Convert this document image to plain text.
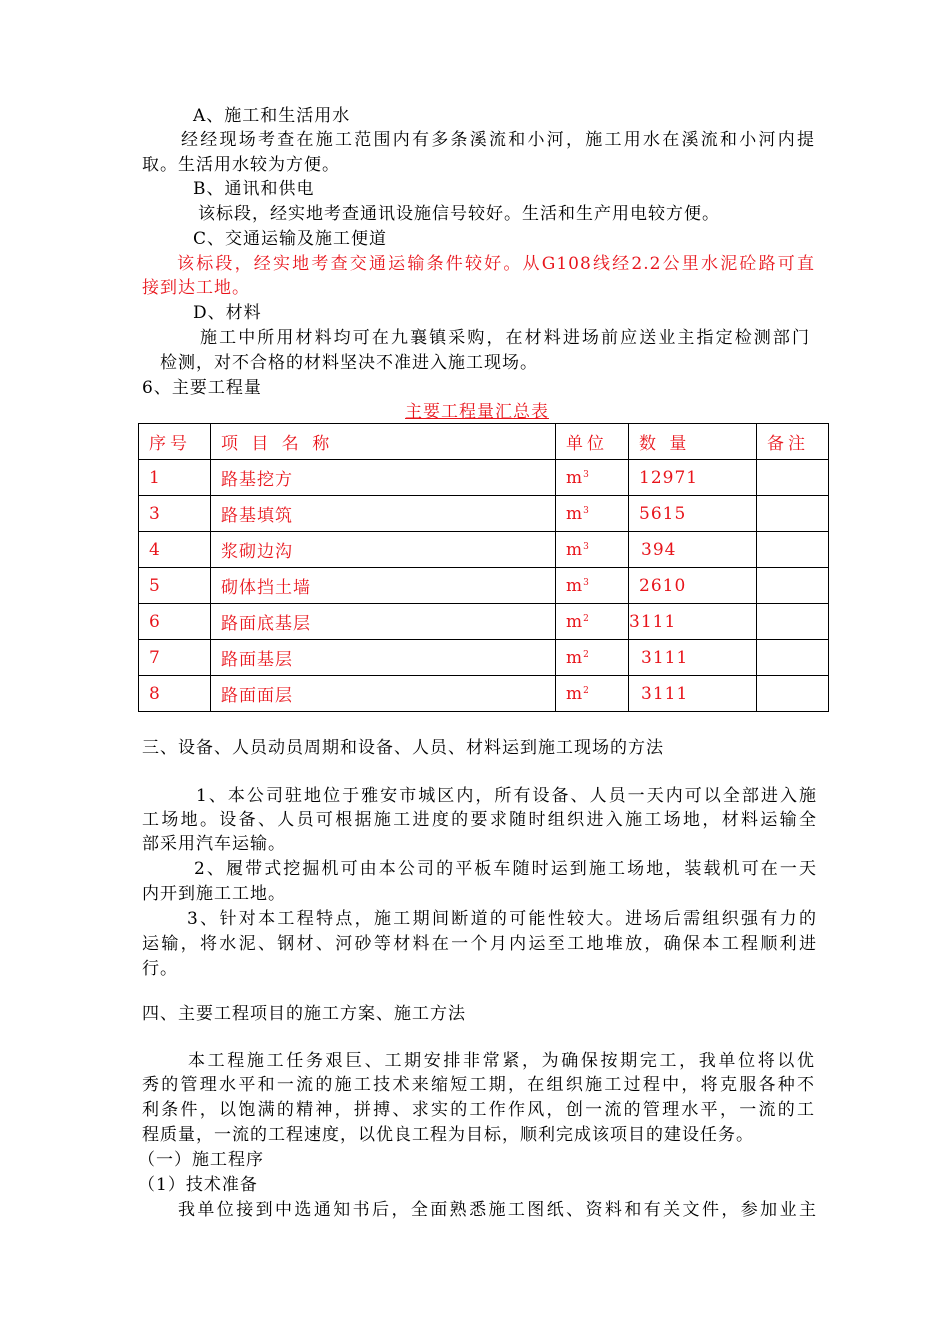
A、施工和生活用水
经经现场考查在施工范围内有多条溪流和小河，施工用水在溪流和小河内提
取。生活用水较为方便。
B、通讯和供电
该标段，经实地考查通讯设施信号较好。生活和生产用电较方便。
C、交通运输及施工便道
该标段，经实地考查交通运输条件较好。从G108线经2.2公里水泥砼路可直
接到达工地。
D、材料
施工中所用材料均可在九襄镇采购，在材料进场前应送业主指定检测部门
检测，对不合格的材料坚决不准进入施工现场。
6、主要工程量
主要工程量汇总表
序号	项 目 名 称	单位	数 量	备注
1	路基挖方	$m^3$	12971	
3	路基填筑	$m^3$	5615	
4	浆砌边沟	$m^3$	394	
5	砌体挡土墙	$m^3$	2610	
6	路面底基层	$m^2$	3111	
7	路面基层	$m^2$	3111	
8	路面面层	$m^2$	3111	
三、设备、人员动员周期和设备、人员、材料运到施工现场的方法
1、本公司驻地位于雅安市城区内，所有设备、人员一天内可以全部进入施
工场地。设备、人员可根据施工进度的要求随时组织进入施工场地，材料运输全
部采用汽车运输。
2、履带式挖掘机可由本公司的平板车随时运到施工场地，装载机可在一天
内开到施工工地。
3、针对本工程特点，施工期间断道的可能性较大。进场后需组织强有力的
运输，将水泥、钢材、河砂等材料在一个月内运至工地堆放，确保本工程顺利进
行。
四、主要工程项目的施工方案、施工方法
本工程施工任务艰巨、工期安排非常紧，为确保按期完工，我单位将以优
秀的管理水平和一流的施工技术来缩短工期，在组织施工过程中，将克服各种不
利条件，以饱满的精神，拼搏、求实的工作作风，创一流的管理水平，一流的工
程质量，一流的工程速度，以优良工程为目标，顺利完成该项目的建设任务。
（一）施工程序
（1）技术准备
我单位接到中选通知书后，全面熟悉施工图纸、资料和有关文件，参加业主
